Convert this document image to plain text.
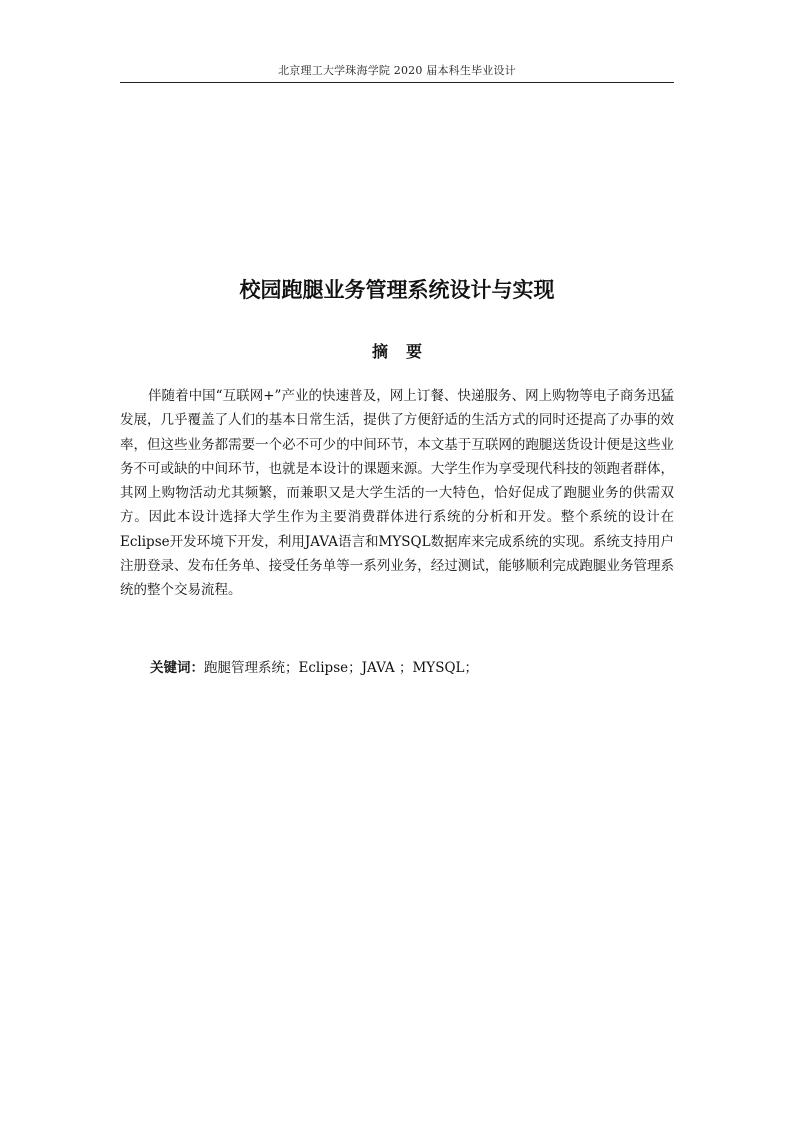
北京理工大学珠海学院 2020 届本科生毕业设计
校园跑腿业务管理系统设计与实现
摘要

伴随着中国“互联网+”产业的快速普及，网上订餐、快递服务、网上购物等电子商务迅猛发展，几乎覆盖了人们的基本日常生活，提供了方便舒适的生活方式的同时还提高了办事的效率，但这些业务都需要一个必不可少的中间环节，本文基于互联网的跑腿送货设计便是这些业务不可或缺的中间环节，也就是本设计的课题来源。大学生作为享受现代科技的领跑者群体，其网上购物活动尤其频繁，而兼职又是大学生活的一大特色，恰好促成了跑腿业务的供需双方。因此本设计选择大学生作为主要消费群体进行系统的分析和开发。整个系统的设计在Eclipse开发环境下开发，利用JAVA语言和MYSQL数据库来完成系统的实现。系统支持用户注册登录、发布任务单、接受任务单等一系列业务，经过测试，能够顺利完成跑腿业务管理系统的整个交易流程。

关键词：跑腿管理系统；Eclipse；JAVA ；MYSQL；
